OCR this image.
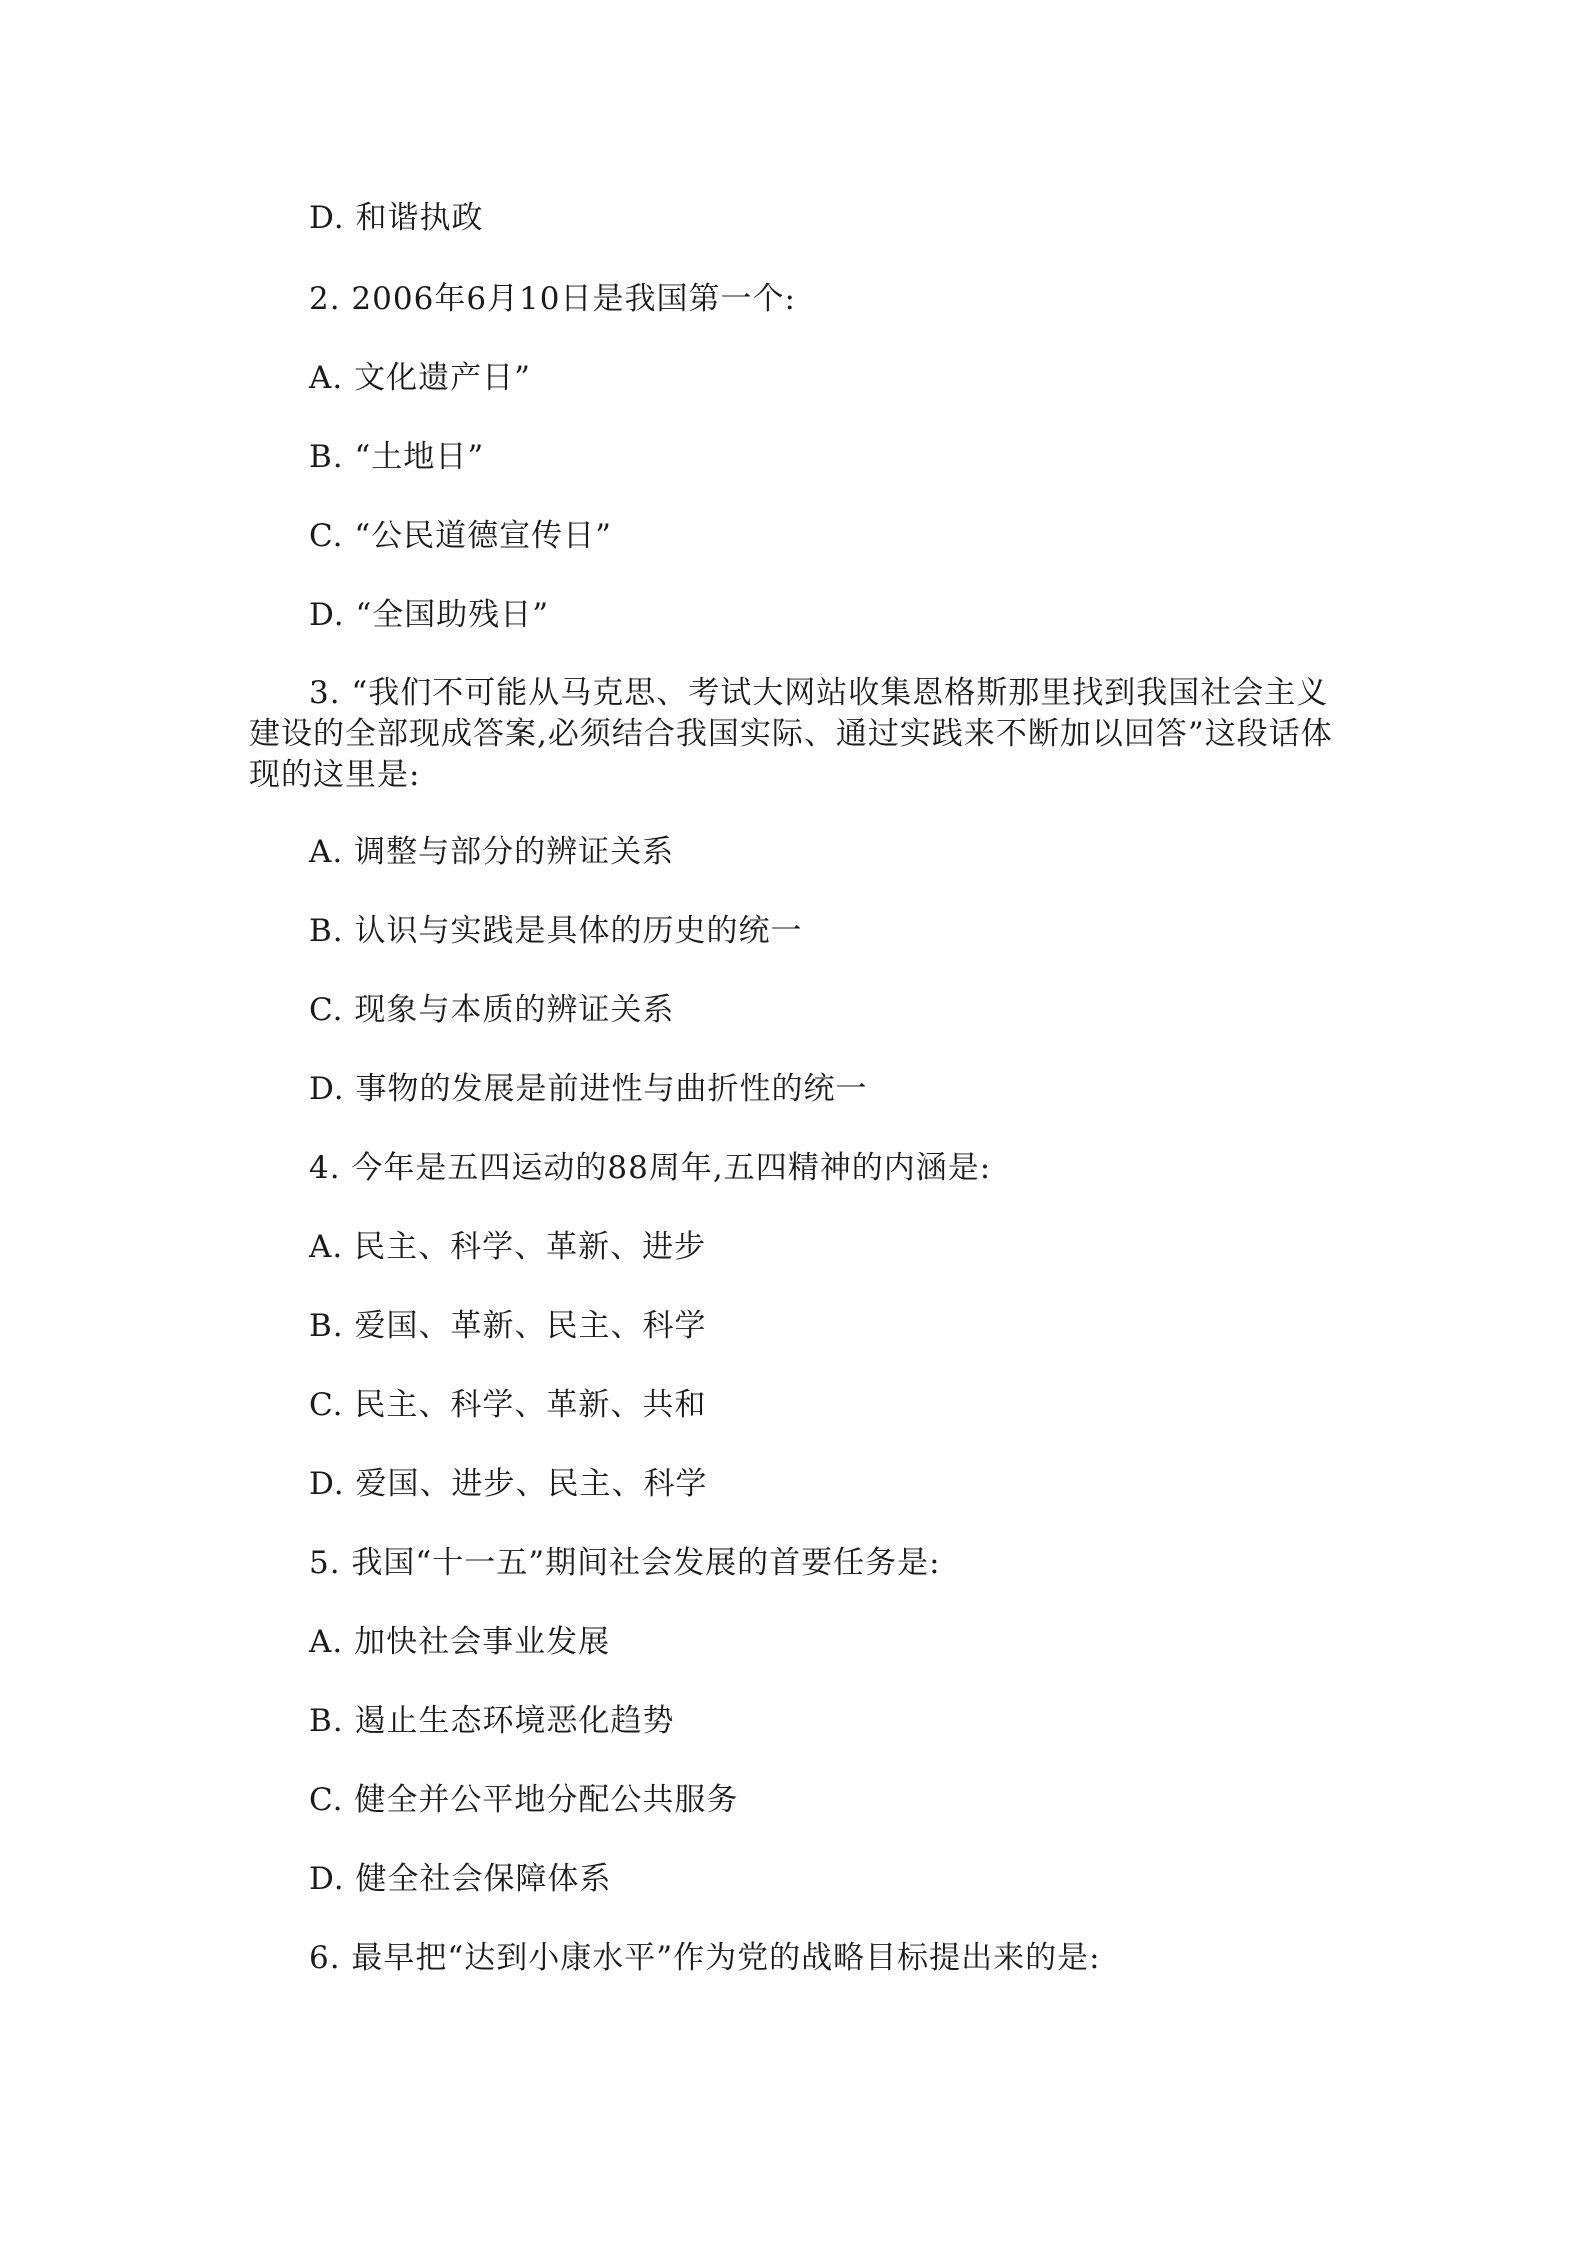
D. 和谐执政
2. 2006年6月10日是我国第一个:
A. 文化遗产日”
B. “土地日”
C. “公民道德宣传日”
D. “全国助残日”
3. “我们不可能从马克思、考试大网站收集恩格斯那里找到我国社会主义建设的全部现成答案,必须结合我国实际、通过实践来不断加以回答”这段话体现的这里是:
A. 调整与部分的辨证关系
B. 认识与实践是具体的历史的统一
C. 现象与本质的辨证关系
D. 事物的发展是前进性与曲折性的统一
4. 今年是五四运动的88周年,五四精神的内涵是:
A. 民主、科学、革新、进步
B. 爱国、革新、民主、科学
C. 民主、科学、革新、共和
D. 爱国、进步、民主、科学
5. 我国“十一五”期间社会发展的首要任务是:
A. 加快社会事业发展
B. 遏止生态环境恶化趋势
C. 健全并公平地分配公共服务
D. 健全社会保障体系
6. 最早把“达到小康水平”作为党的战略目标提出来的是:
